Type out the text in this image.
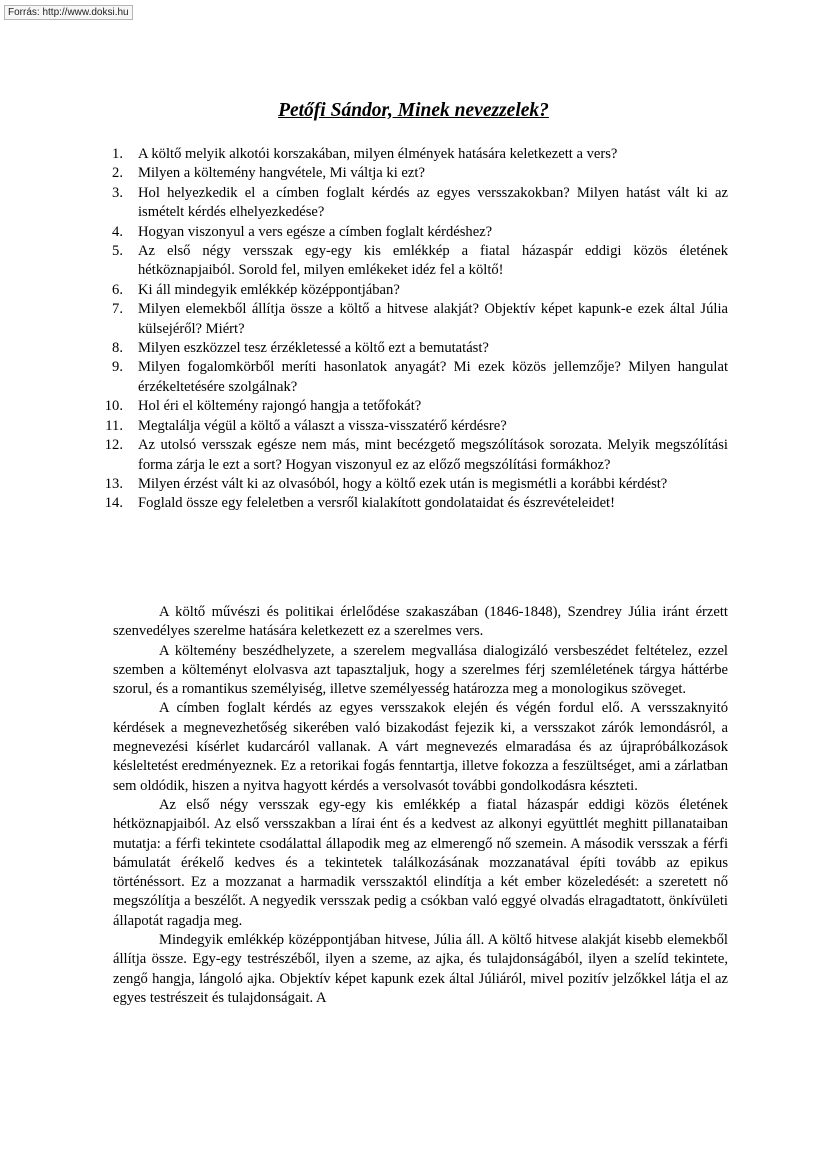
Forrás: http://www.doksi.hu
Petőfi Sándor, Minek nevezzelek?
1. A költő melyik alkotói korszakában, milyen élmények hatására keletkezett a vers?
2. Milyen a költemény hangvétele, Mi váltja ki ezt?
3. Hol helyezkedik el a címben foglalt kérdés az egyes versszakokban? Milyen hatást vált ki az ismételt kérdés elhelyezkedése?
4. Hogyan viszonyul a vers egésze a címben foglalt kérdéshez?
5. Az első négy versszak egy-egy kis emlékkép a fiatal házaspár eddigi közös életének hétköznapjaiból. Sorold fel, milyen emlékeket idéz fel a költő!
6. Ki áll mindegyik emlékkép középpontjában?
7. Milyen elemekből állítja össze a költő a hitvese alakját? Objektív képet kapunk-e ezek által Júlia külsejéről? Miért?
8. Milyen eszközzel tesz érzékletessé a költő ezt a bemutatást?
9. Milyen fogalomkörből meríti hasonlatok anyagát? Mi ezek közös jellemzője? Milyen hangulat érzékeltetésére szolgálnak?
10. Hol éri el költemény rajongó hangja a tetőfokát?
11. Megtalálja végül a költő a választ a vissza-visszatérő kérdésre?
12. Az utolsó versszak egésze nem más, mint becézgető megszólítások sorozata. Melyik megszólítási forma zárja le ezt a sort? Hogyan viszonyul ez az előző megszólítási formákhoz?
13. Milyen érzést vált ki az olvasóból, hogy a költő ezek után is megismétli a korábbi kérdést?
14. Foglald össze egy feleletben a versről kialakított gondolataidat és észrevételeidet!

A költő művészi és politikai érlelődése szakaszában (1846-1848), Szendrey Júlia iránt érzett szenvedélyes szerelme hatására keletkezett ez a szerelmes vers.

A költemény beszédhelyzete, a szerelem megvallása dialogizáló versbeszédet feltételez, ezzel szemben a költeményt elolvasva azt tapasztaljuk, hogy a szerelmes férj szemléletének tárgya háttérbe szorul, és a romantikus személyiség, illetve személyesség határozza meg a monologikus szöveget.

A címben foglalt kérdés az egyes versszakok elején és végén fordul elő. A versszaknyitó kérdések a megnevezhetőség sikerében való bizakodást fejezik ki, a versszakot zárók lemondásról, a megnevezési kísérlet kudarcáról vallanak. A várt megnevezés elmaradása és az újrapróbálkozások késleltetést eredményeznek. Ez a retorikai fogás fenntartja, illetve fokozza a feszültséget, ami a zárlatban sem oldódik, hiszen a nyitva hagyott kérdés a versolvasót további gondolkodásra készteti.

Az első négy versszak egy-egy kis emlékkép a fiatal házaspár eddigi közös életének hétköznapjaiból. Az első versszakban a lírai ént és a kedvest az alkonyi együttlét meghitt pillanataiban mutatja: a férfi tekintete csodálattal állapodik meg az elmerengő nő szemein. A második versszak a férfi bámulatát érékelő kedves és a tekintetek találkozásának mozzanatával építi tovább az epikus történéssort. Ez a mozzanat a harmadik versszaktól elindítja a két ember közeledését: a szeretett nő megszólítja a beszélőt. A negyedik versszak pedig a csókban való eggyé olvadás elragadtatott, önkívületi állapotát ragadja meg.

Mindegyik emlékkép középpontjában hitvese, Júlia áll. A költő hitvese alakját kisebb elemekből állítja össze. Egy-egy testrészéből, ilyen a szeme, az ajka, és tulajdonságából, ilyen a szelíd tekintete, zengő hangja, lángoló ajka. Objektív képet kapunk ezek által Júliáról, mivel pozitív jelzőkkel látja el az egyes testrészeit és tulajdonságait. A
